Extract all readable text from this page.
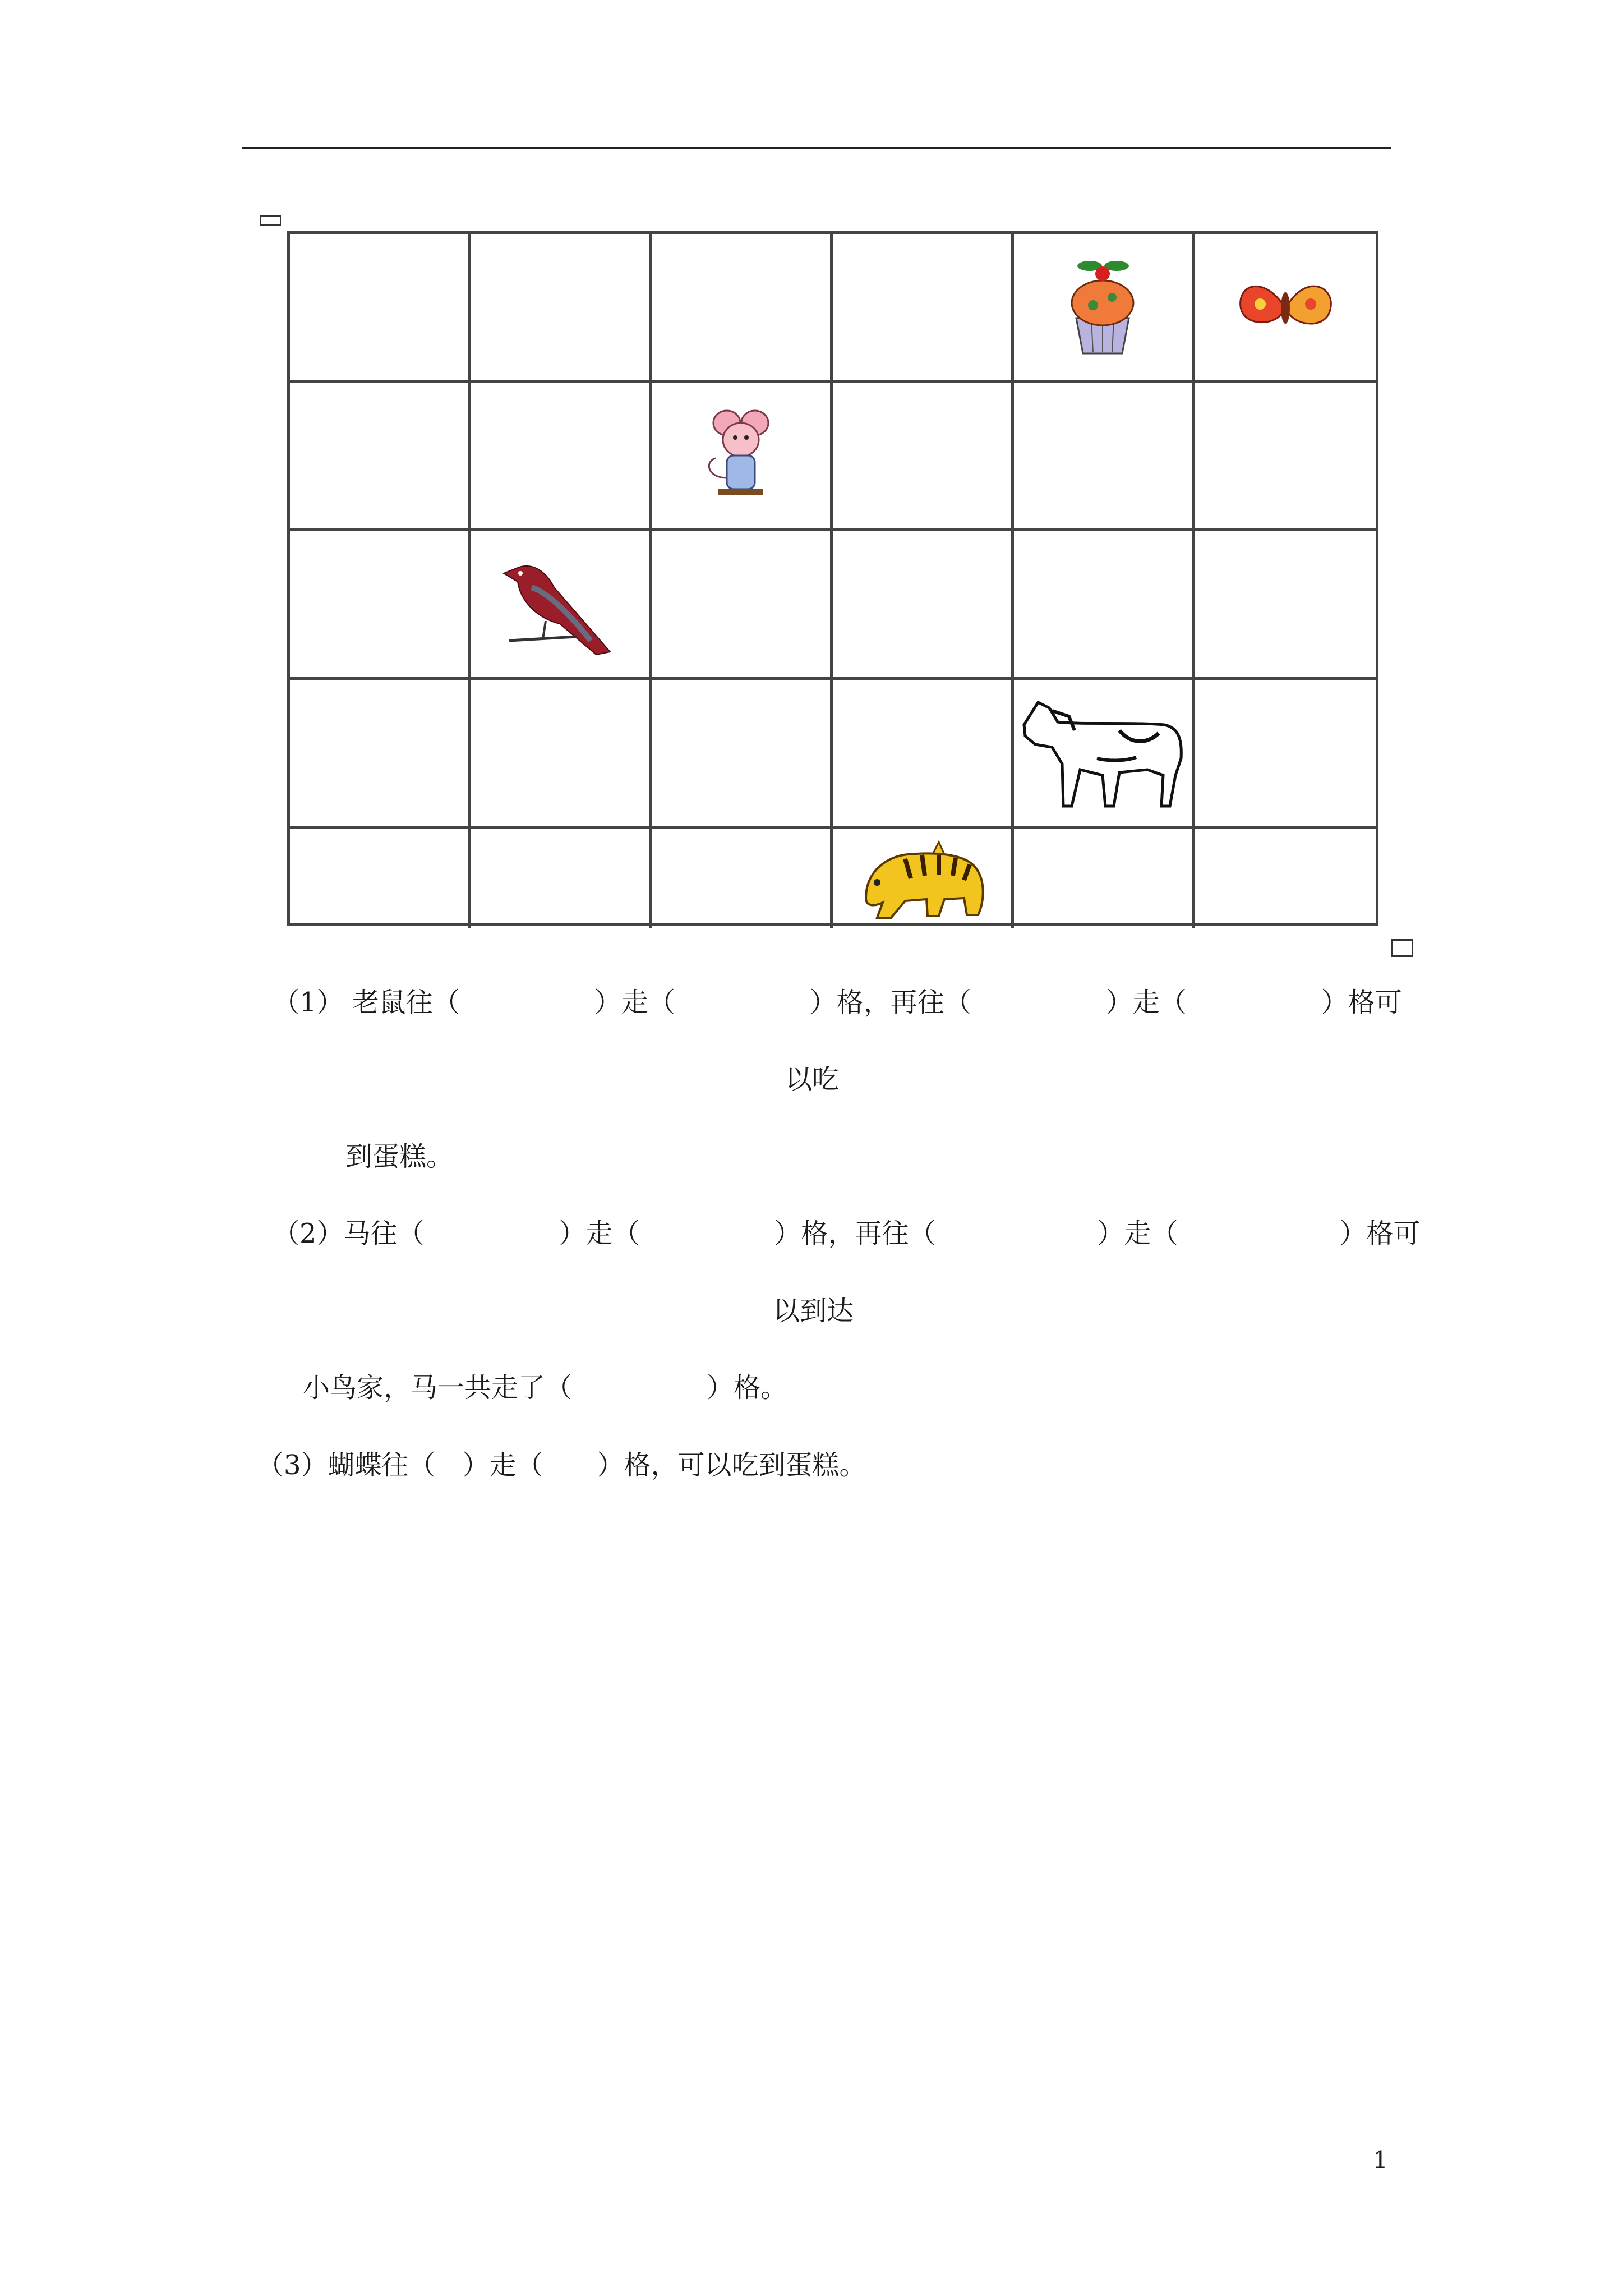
（1） 老鼠往（　　　　　）走（　　　　　）格，再往（　　　　　）走（　　　　　）格可
以吃
到蛋糕。
（2）马往（　　　　　）走（　　　　　）格，再往（　　　　　　）走（　　　　　　）格可
以到达
小鸟家，马一共走了（　　　　　）格。
（3）蝴蝶往（　）走（　　）格，可以吃到蛋糕。
1
